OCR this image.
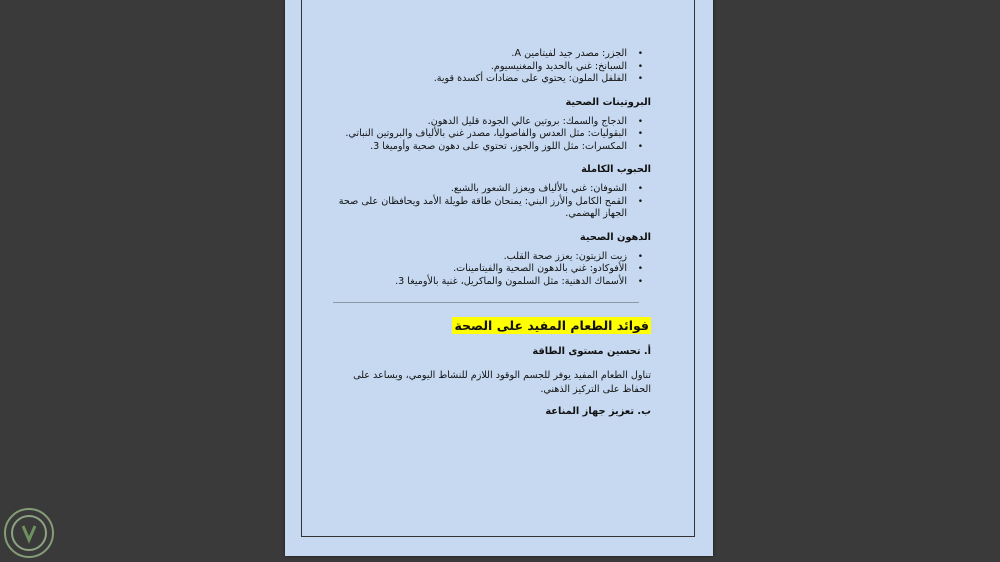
• الجزر: مصدر جيد لفيتامين A.
• السبانخ: غني بالحديد والمغنيسيوم.
• الفلفل الملون: يحتوي على مضادات أكسدة قوية.
البروتينات الصحية
• الدجاج والسمك: بروتين عالي الجودة قليل الدهون.
• البقوليات: مثل العدس والفاصوليا، مصدر غني بالألياف والبروتين النباتي.
• المكسرات: مثل اللوز والجوز، تحتوي على دهون صحية وأوميغا 3.
الحبوب الكاملة
• الشوفان: غني بالألياف ويعزز الشعور بالشبع.
• القمح الكامل والأرز البني: يمنحان طاقة طويلة الأمد ويحافظان على صحة الجهاز الهضمي.
الدهون الصحية
• زيت الزيتون: يعزز صحة القلب.
• الأفوكادو: غني بالدهون الصحية والفيتامينات.
• الأسماك الدهنية: مثل السلمون والماكريل، غنية بالأوميغا 3.
فوائد الطعام المفيد على الصحة
أ. تحسين مستوى الطاقة
تناول الطعام المفيد يوفر للجسم الوقود اللازم للنشاط اليومي، ويساعد على الحفاظ على التركيز الذهني.
ب. تعزيز جهاز المناعة
